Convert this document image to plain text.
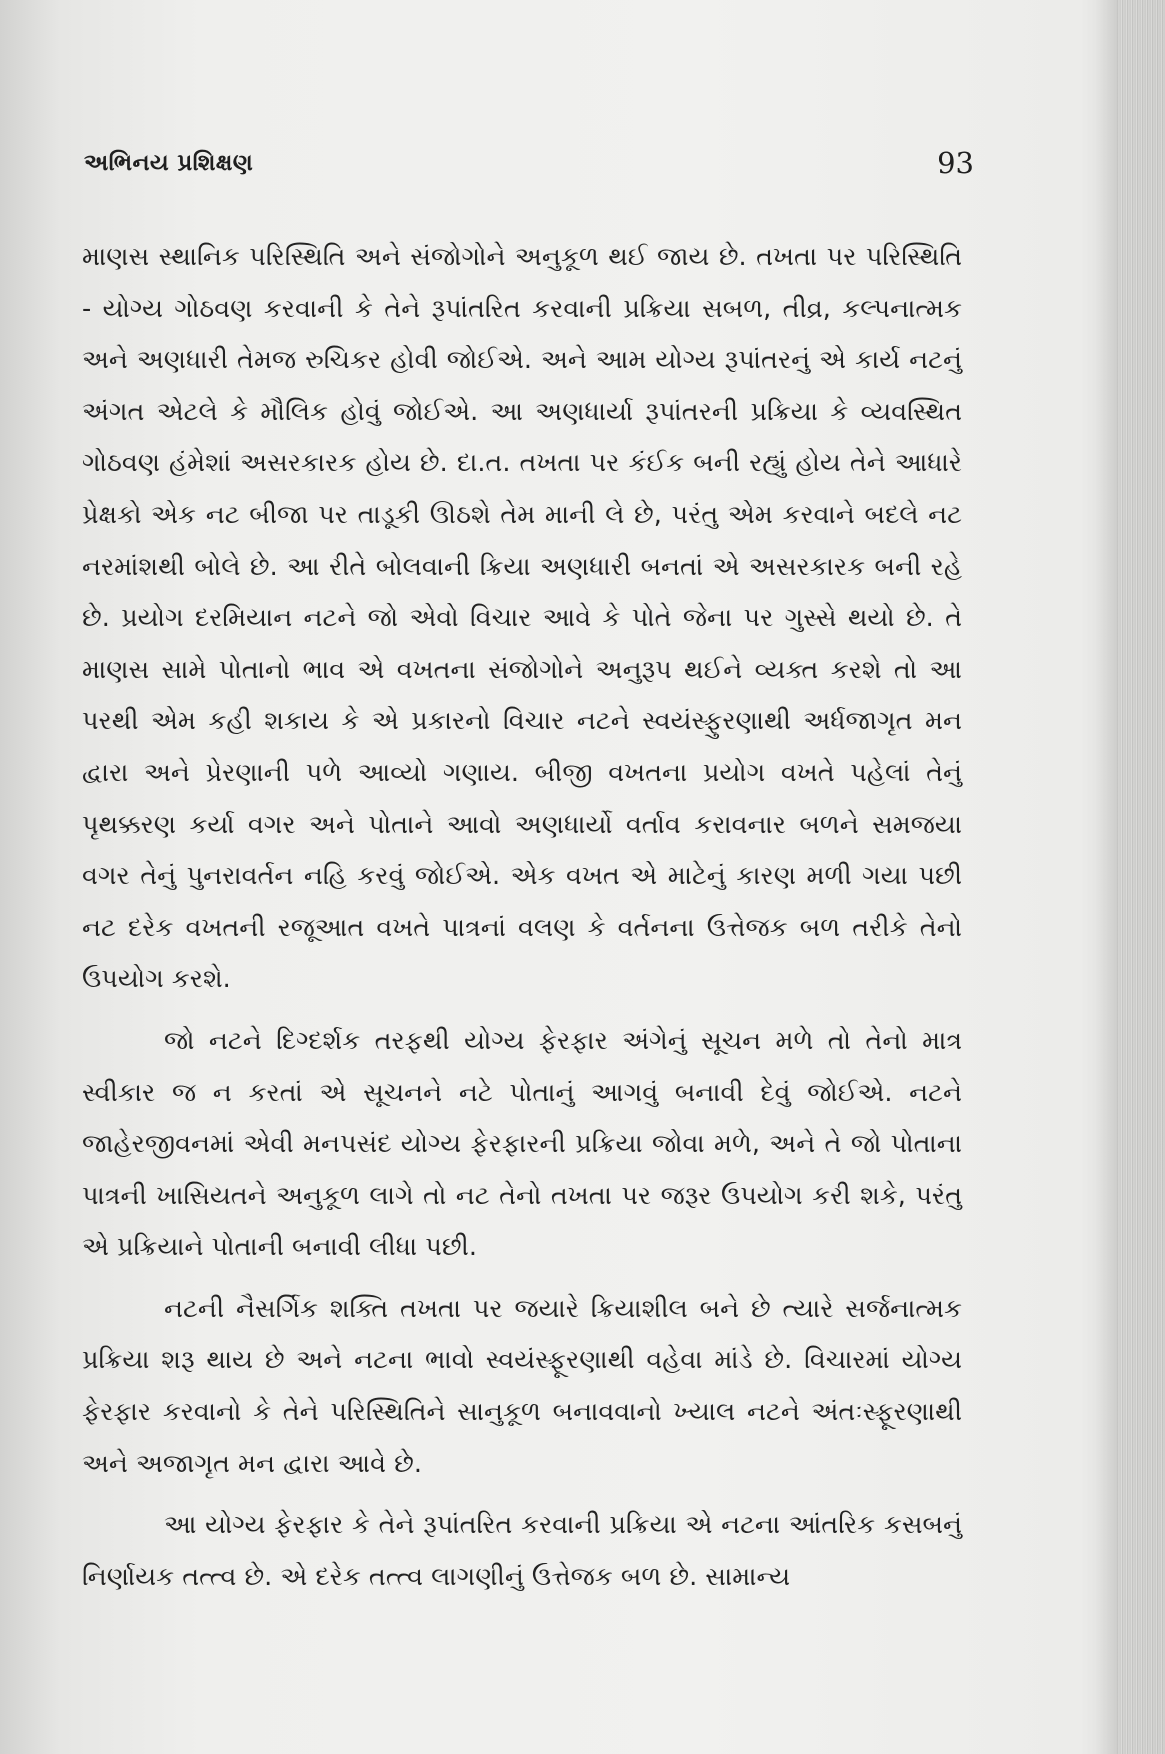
અભિનય પ્રશિક્ષણ	93

માણસ સ્થાનિક પરિસ્થિતિ અને સંજોગોને અનુકૂળ થઈ જાય છે. તખતા પર પરિસ્થિતિ - યોગ્ય ગોઠવણ કરવાની કે તેને રૂપાંતરિત કરવાની પ્રક્રિયા સબળ, તીવ્ર, કલ્પનાત્મક અને અણધારી તેમજ રુચિકર હોવી જોઈએ. અને આમ યોગ્ય રૂપાંતરનું એ કાર્ય નટનું અંગત એટલે કે મૌલિક હોવું જોઈએ. આ અણધાર્યા રૂપાંતરની પ્રક્રિયા કે વ્યવસ્થિત ગોઠવણ હંમેશાં અસરકારક હોય છે. દા.ત. તખતા પર કંઈક બની રહ્યું હોય તેને આધારે પ્રેક્ષકો એક નટ બીજા પર તાડૂકી ઊઠશે તેમ માની લે છે, પરંતુ એમ કરવાને બદલે નટ નરમાંશથી બોલે છે. આ રીતે બોલવાની ક્રિયા અણધારી બનતાં એ અસરકારક બની રહે છે. પ્રયોગ દરમિયાન નટને જો એવો વિચાર આવે કે પોતે જેના પર ગુસ્સે થયો છે. તે માણસ સામે પોતાનો ભાવ એ વખતના સંજોગોને અનુરૂપ થઈને વ્યક્ત કરશે તો આ પરથી એમ કહી શકાય કે એ પ્રકારનો વિચાર નટને સ્વયંસ્ફુરણાથી અર્ધજાગૃત મન દ્વારા અને પ્રેરણાની પળે આવ્યો ગણાય. બીજી વખતના પ્રયોગ વખતે પહેલાં તેનું પૃથક્કરણ કર્યા વગર અને પોતાને આવો અણધાર્યો વર્તાવ કરાવનાર બળને સમજયા વગર તેનું પુનરાવર્તન નહિ કરવું જોઈએ. એક વખત એ માટેનું કારણ મળી ગયા પછી નટ દરેક વખતની રજૂઆત વખતે પાત્રનાં વલણ કે વર્તનના ઉત્તેજક બળ તરીકે તેનો ઉપયોગ કરશે.

જો નટને દિગ્દર્શક તરફથી યોગ્ય ફેરફાર અંગેનું સૂચન મળે તો તેનો માત્ર સ્વીકાર જ ન કરતાં એ સૂચનને નટે પોતાનું આગવું બનાવી દેવું જોઈએ. નટને જાહેરજીવનમાં એવી મનપસંદ યોગ્ય ફેરફારની પ્રક્રિયા જોવા મળે, અને તે જો પોતાના પાત્રની ખાસિયતને અનુકૂળ લાગે તો નટ તેનો તખતા પર જરૂર ઉપયોગ કરી શકે, પરંતુ એ પ્રક્રિયાને પોતાની બનાવી લીધા પછી.

નટની નૈસર્ગિક શક્તિ તખતા પર જયારે ક્રિયાશીલ બને છે ત્યારે સર્જનાત્મક પ્રક્રિયા શરૂ થાય છે અને નટના ભાવો સ્વયંસ્ફૂરણાથી વહેવા માંડે છે. વિચારમાં યોગ્ય ફેરફાર કરવાનો કે તેને પરિસ્થિતિને સાનુકૂળ બનાવવાનો ખ્યાલ નટને અંતઃસ્ફૂરણાથી અને અજાગૃત મન દ્વારા આવે છે.

આ યોગ્ય ફેરફાર કે તેને રૂપાંતરિત કરવાની પ્રક્રિયા એ નટના આંતરિક કસબનું નિર્ણાયક તત્ત્વ છે. એ દરેક તત્ત્વ લાગણીનું ઉત્તેજક બળ છે. સામાન્ય
